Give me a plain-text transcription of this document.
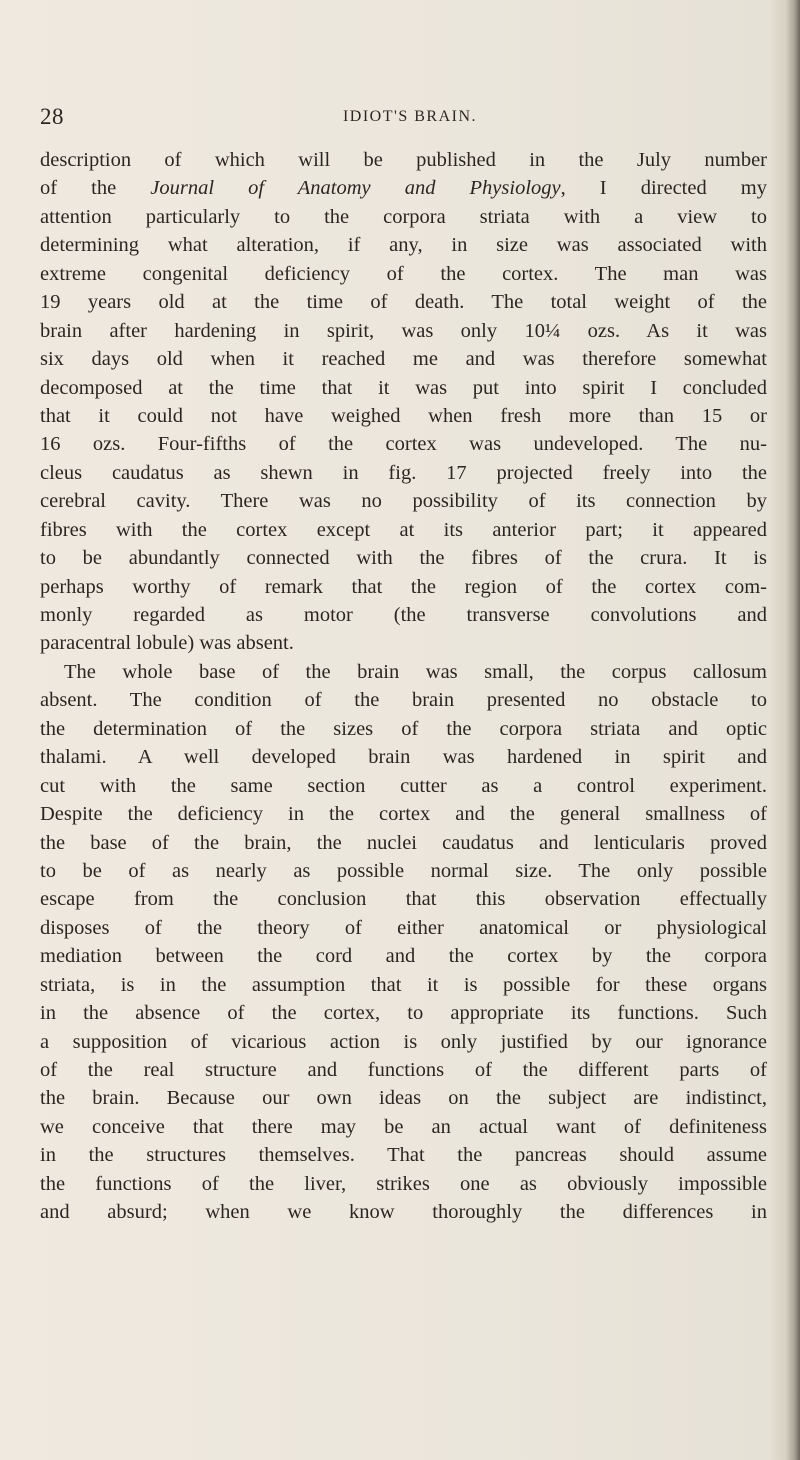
28	IDIOT'S BRAIN.
description of which will be published in the July number
of the Journal of Anatomy and Physiology, I directed my
attention particularly to the corpora striata with a view to
determining what alteration, if any, in size was associated with
extreme congenital deficiency of the cortex. The man was
19 years old at the time of death. The total weight of the
brain after hardening in spirit, was only 10¼ ozs. As it was
six days old when it reached me and was therefore somewhat
decomposed at the time that it was put into spirit I concluded
that it could not have weighed when fresh more than 15 or
16 ozs. Four-fifths of the cortex was undeveloped. The nu-
cleus caudatus as shewn in fig. 17 projected freely into the
cerebral cavity. There was no possibility of its connection by
fibres with the cortex except at its anterior part; it appeared
to be abundantly connected with the fibres of the crura. It is
perhaps worthy of remark that the region of the cortex com-
monly regarded as motor (the transverse convolutions and
paracentral lobule) was absent.
The whole base of the brain was small, the corpus callosum
absent. The condition of the brain presented no obstacle to
the determination of the sizes of the corpora striata and optic
thalami. A well developed brain was hardened in spirit and
cut with the same section cutter as a control experiment.
Despite the deficiency in the cortex and the general smallness of
the base of the brain, the nuclei caudatus and lenticularis proved
to be of as nearly as possible normal size. The only possible
escape from the conclusion that this observation effectually
disposes of the theory of either anatomical or physiological
mediation between the cord and the cortex by the corpora
striata, is in the assumption that it is possible for these organs
in the absence of the cortex, to appropriate its functions. Such
a supposition of vicarious action is only justified by our ignorance
of the real structure and functions of the different parts of
the brain. Because our own ideas on the subject are indistinct,
we conceive that there may be an actual want of definiteness
in the structures themselves. That the pancreas should assume
the functions of the liver, strikes one as obviously impossible
and absurd; when we know thoroughly the differences in
